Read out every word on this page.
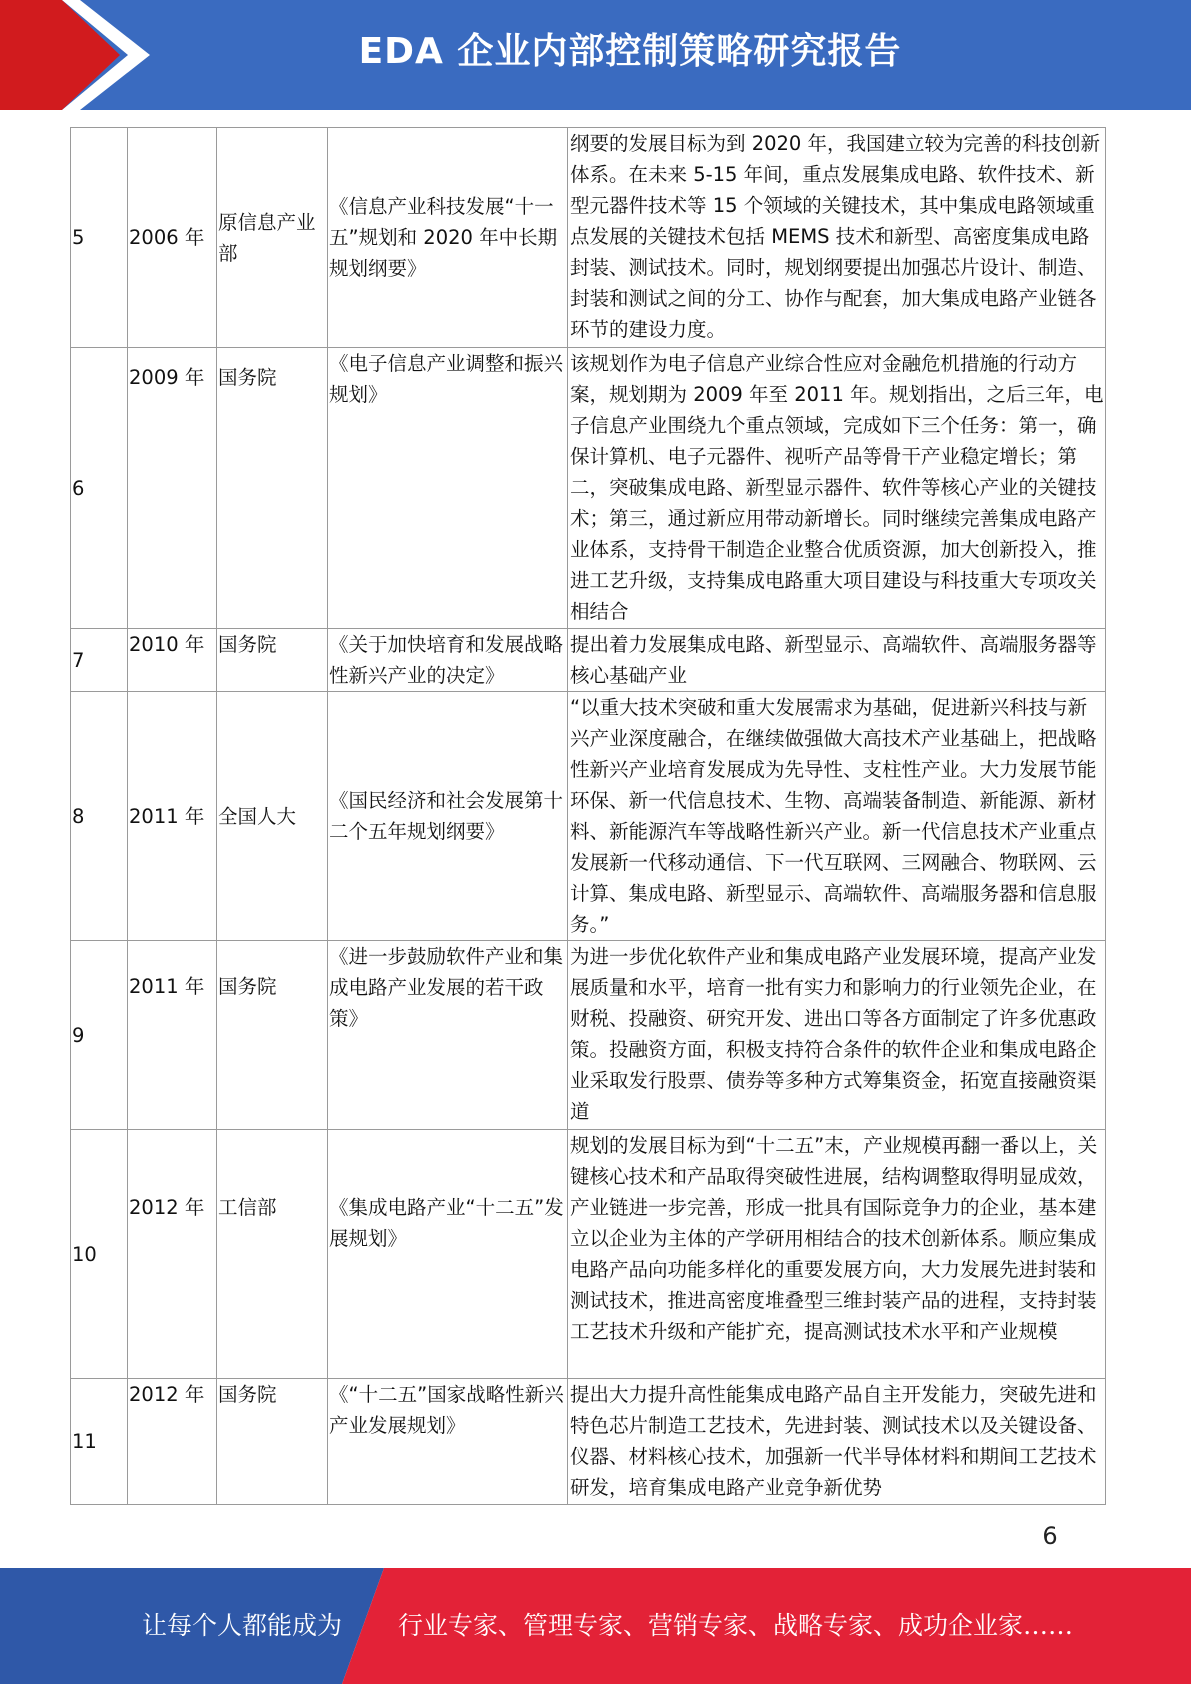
EDA 企业内部控制策略研究报告
5	2006 年	原信息产业部	《信息产业科技发展“十一五”规划和 2020 年中长期规划纲要》	纲要的发展目标为到 2020 年，我国建立较为完善的科技创新体系。在未来 5-15 年间，重点发展集成电路、软件技术、新型元器件技术等 15 个领域的关键技术，其中集成电路领域重点发展的关键技术包括 MEMS 技术和新型、高密度集成电路封装、测试技术。同时，规划纲要提出加强芯片设计、制造、封装和测试之间的分工、协作与配套，加大集成电路产业链各环节的建设力度。
6	2009 年	国务院	《电子信息产业调整和振兴规划》	该规划作为电子信息产业综合性应对金融危机措施的行动方案，规划期为 2009 年至 2011 年。规划指出，之后三年，电子信息产业围绕九个重点领域，完成如下三个任务：第一，确保计算机、电子元器件、视听产品等骨干产业稳定增长；第二，突破集成电路、新型显示器件、软件等核心产业的关键技术；第三，通过新应用带动新增长。同时继续完善集成电路产业体系，支持骨干制造企业整合优质资源，加大创新投入，推进工艺升级，支持集成电路重大项目建设与科技重大专项攻关相结合
7	2010 年	国务院	《关于加快培育和发展战略性新兴产业的决定》	提出着力发展集成电路、新型显示、高端软件、高端服务器等核心基础产业
8	2011 年	全国人大	《国民经济和社会发展第十二个五年规划纲要》	“以重大技术突破和重大发展需求为基础，促进新兴科技与新兴产业深度融合，在继续做强做大高技术产业基础上，把战略性新兴产业培育发展成为先导性、支柱性产业。大力发展节能环保、新一代信息技术、生物、高端装备制造、新能源、新材料、新能源汽车等战略性新兴产业。新一代信息技术产业重点发展新一代移动通信、下一代互联网、三网融合、物联网、云计算、集成电路、新型显示、高端软件、高端服务器和信息服务。”
9	2011 年	国务院	《进一步鼓励软件产业和集成电路产业发展的若干政策》	为进一步优化软件产业和集成电路产业发展环境，提高产业发展质量和水平，培育一批有实力和影响力的行业领先企业，在财税、投融资、研究开发、进出口等各方面制定了许多优惠政策。投融资方面，积极支持符合条件的软件企业和集成电路企业采取发行股票、债券等多种方式筹集资金，拓宽直接融资渠道
10	2012 年	工信部	《集成电路产业“十二五”发展规划》	规划的发展目标为到“十二五”末，产业规模再翻一番以上，关键核心技术和产品取得突破性进展，结构调整取得明显成效，产业链进一步完善，形成一批具有国际竞争力的企业，基本建立以企业为主体的产学研用相结合的技术创新体系。顺应集成电路产品向功能多样化的重要发展方向，大力发展先进封装和测试技术，推进高密度堆叠型三维封装产品的进程，支持封装工艺技术升级和产能扩充，提高测试技术水平和产业规模
11	2012 年	国务院	《“十二五”国家战略性新兴产业发展规划》	提出大力提升高性能集成电路产品自主开发能力，突破先进和特色芯片制造工艺技术，先进封装、测试技术以及关键设备、仪器、材料核心技术，加强新一代半导体材料和期间工艺技术研发，培育集成电路产业竞争新优势
6
让每个人都能成为 行业专家、管理专家、营销专家、战略专家、成功企业家……
